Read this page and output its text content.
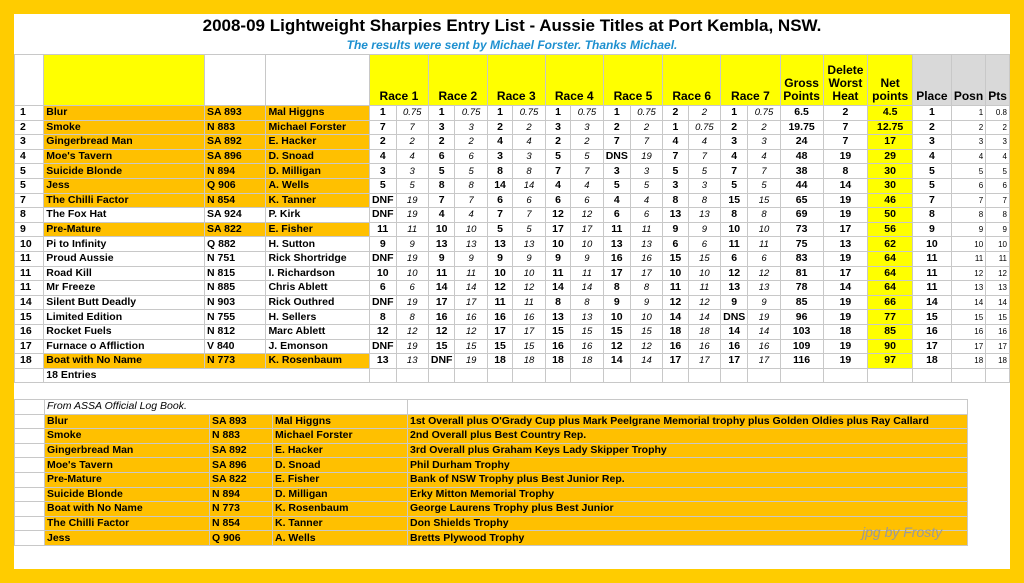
2008-09 Lightweight Sharpies Entry List - Aussie Titles at Port Kembla, NSW.
The results were sent by Michael Forster. Thanks Michael.
				Race 1		Race 2		Race 3		Race 4		Race 5		Race 6		Race 7		Gross Points	Delete Worst Heat	Net points	Place	Posn	Pts
1	Blur	SA 893	Mal Higgns	1	0.75	1	0.75	1	0.75	1	0.75	1	0.75	2	2	1	0.75	6.5	2	4.5	1	1	0.8
2	Smoke	N 883	Michael Forster	7	7	3	3	2	2	3	3	2	2	1	0.75	2	2	19.75	7	12.75	2	2	2
3	Gingerbread Man	SA 892	E. Hacker	2	2	2	2	4	4	2	2	7	7	4	4	3	3	24	7	17	3	3	3
4	Moe's Tavern	SA 896	D. Snoad	4	4	6	6	3	3	5	5	DNS	19	7	7	4	4	48	19	29	4	4	4
5	Suicide Blonde	N 894	D. Milligan	3	3	5	5	8	8	7	7	3	3	5	5	7	7	38	8	30	5	5	5
5	Jess	Q 906	A. Wells	5	5	8	8	14	14	4	4	5	5	3	3	5	5	44	14	30	5	6	6
7	The Chilli Factor	N 854	K. Tanner	DNF	19	7	7	6	6	6	6	4	4	8	8	15	15	65	19	46	7	7	7
8	The Fox Hat	SA 924	P. Kirk	DNF	19	4	4	7	7	12	12	6	6	13	13	8	8	69	19	50	8	8	8
9	Pre-Mature	SA 822	E. Fisher	11	11	10	10	5	5	17	17	11	11	9	9	10	10	73	17	56	9	9	9
10	Pi to Infinity	Q 882	H. Sutton	9	9	13	13	13	13	10	10	13	13	6	6	11	11	75	13	62	10	10	10
11	Proud Aussie	N 751	Rick Shortridge	DNF	19	9	9	9	9	9	9	16	16	15	15	6	6	83	19	64	11	11	11
11	Road Kill	N 815	I. Richardson	10	10	11	11	10	10	11	11	17	17	10	10	12	12	81	17	64	11	12	12
11	Mr Freeze	N 885	Chris Ablett	6	6	14	14	12	12	14	14	8	8	11	11	13	13	78	14	64	11	13	13
14	Silent Butt Deadly	N 903	Rick Outhred	DNF	19	17	17	11	11	8	8	9	9	12	12	9	9	85	19	66	14	14	14
15	Limited Edition	N 755	H. Sellers	8	8	16	16	16	16	13	13	10	10	14	14	DNS	19	96	19	77	15	15	15
16	Rocket Fuels	N 812	Marc Ablett	12	12	12	12	17	17	15	15	15	15	18	18	14	14	103	18	85	16	16	16
17	Furnace o Affliction	V 840	J. Emonson	DNF	19	15	15	15	15	16	16	12	12	16	16	16	16	109	19	90	17	17	17
18	Boat with No Name	N 773	K. Rosenbaum	13	13	DNF	19	18	18	18	18	14	14	17	17	17	17	116	19	97	18	18	18
	18 Entries																						
	From ASSA Official Log Book.			
	Blur	SA 893	Mal Higgns	1st Overall plus O'Grady Cup plus Mark Peelgrane Memorial trophy plus Golden Oldies plus Ray Callard
	Smoke	N 883	Michael Forster	2nd Overall plus Best Country Rep.
	Gingerbread Man	SA 892	E. Hacker	3rd Overall plus Graham Keys Lady Skipper Trophy
	Moe's Tavern	SA 896	D. Snoad	Phil Durham Trophy
	Pre-Mature	SA 822	E. Fisher	Bank of NSW Trophy plus Best Junior Rep.
	Suicide Blonde	N 894	D. Milligan	Erky Mitton Memorial Trophy
	Boat with No Name	N 773	K. Rosenbaum	George Laurens Trophy plus Best Junior
	The Chilli Factor	N 854	K. Tanner	Don Shields Trophy
	Jess	Q 906	A. Wells	Bretts Plywood Trophy	jpg by Frosty
